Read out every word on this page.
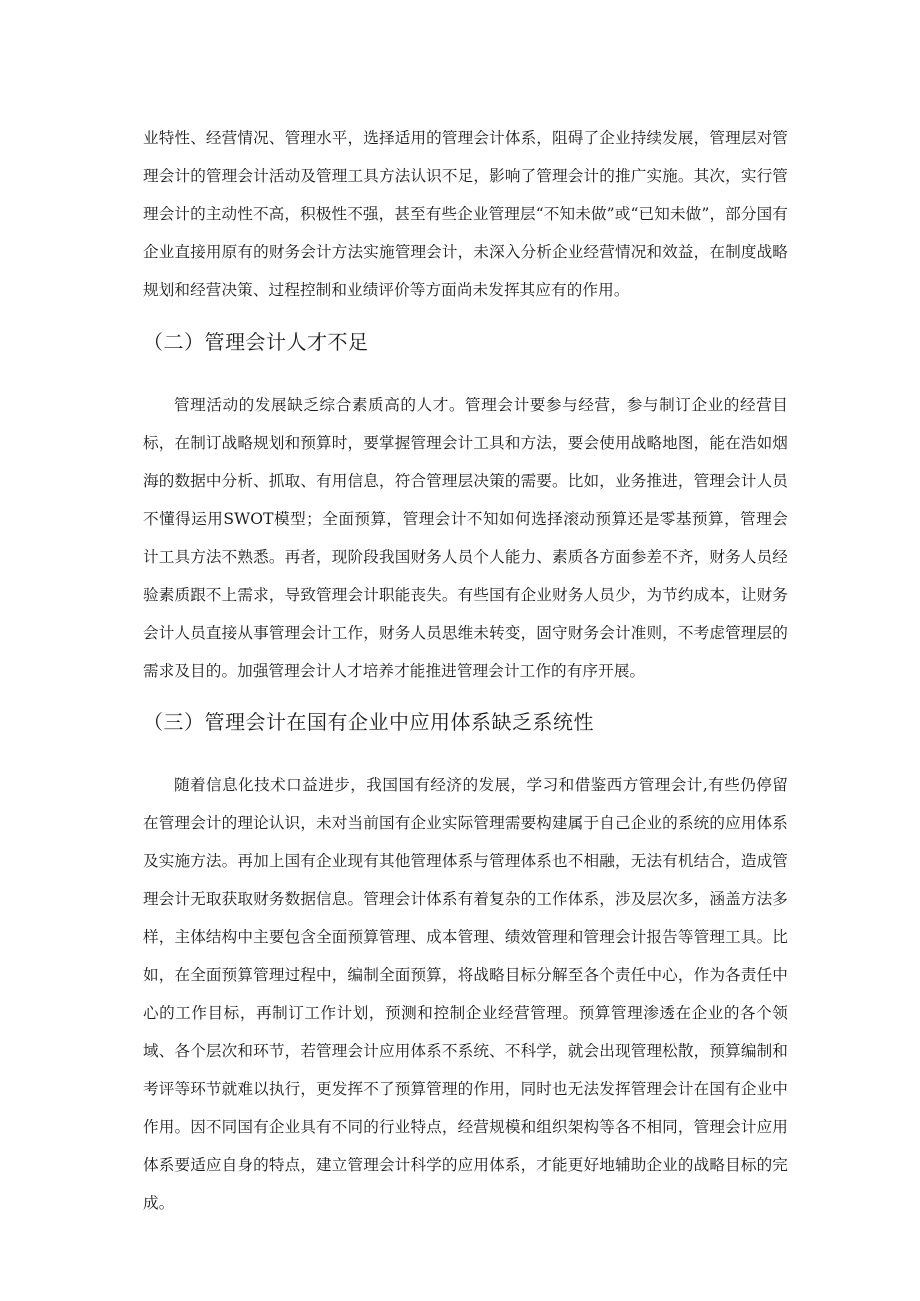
业特性、经营情况、管理水平，选择适用的管理会计体系，阻碍了企业持续发展，管理层对管理会计的管理会计活动及管理工具方法认识不足，影响了管理会计的推广实施。其次，实行管理会计的主动性不高，积极性不强，甚至有些企业管理层“不知未做”或“已知未做”，部分国有企业直接用原有的财务会计方法实施管理会计，未深入分析企业经营情况和效益，在制度战略规划和经营决策、过程控制和业绩评价等方面尚未发挥其应有的作用。

（二）管理会计人才不足

管理活动的发展缺乏综合素质高的人才。管理会计要参与经营，参与制订企业的经营目标，在制订战略规划和预算时，要掌握管理会计工具和方法，要会使用战略地图，能在浩如烟海的数据中分析、抓取、有用信息，符合管理层决策的需要。比如，业务推进，管理会计人员不懂得运用SWOT模型；全面预算，管理会计不知如何选择滚动预算还是零基预算，管理会计工具方法不熟悉。再者，现阶段我国财务人员个人能力、素质各方面参差不齐，财务人员经验素质跟不上需求，导致管理会计职能丧失。有些国有企业财务人员少，为节约成本，让财务会计人员直接从事管理会计工作，财务人员思维未转变，固守财务会计准则，不考虑管理层的需求及目的。加强管理会计人才培养才能推进管理会计工作的有序开展。

（三）管理会计在国有企业中应用体系缺乏系统性

随着信息化技术口益进步，我国国有经济的发展，学习和借鉴西方管理会计,有些仍停留在管理会计的理论认识，未对当前国有企业实际管理需要构建属于自己企业的系统的应用体系及实施方法。再加上国有企业现有其他管理体系与管理体系也不相融，无法有机结合，造成管理会计无取获取财务数据信息。管理会计体系有着复杂的工作体系，涉及层次多，涵盖方法多样，主体结构中主要包含全面预算管理、成本管理、绩效管理和管理会计报告等管理工具。比如，在全面预算管理过程中，编制全面预算，将战略目标分解至各个责任中心，作为各责任中心的工作目标，再制订工作计划，预测和控制企业经营管理。预算管理渗透在企业的各个领域、各个层次和环节，若管理会计应用体系不系统、不科学，就会出现管理松散，预算编制和考评等环节就难以执行，更发挥不了预算管理的作用，同时也无法发挥管理会计在国有企业中作用。因不同国有企业具有不同的行业特点，经营规模和组织架构等各不相同，管理会计应用体系要适应自身的特点，建立管理会计科学的应用体系，才能更好地辅助企业的战略目标的完成。
